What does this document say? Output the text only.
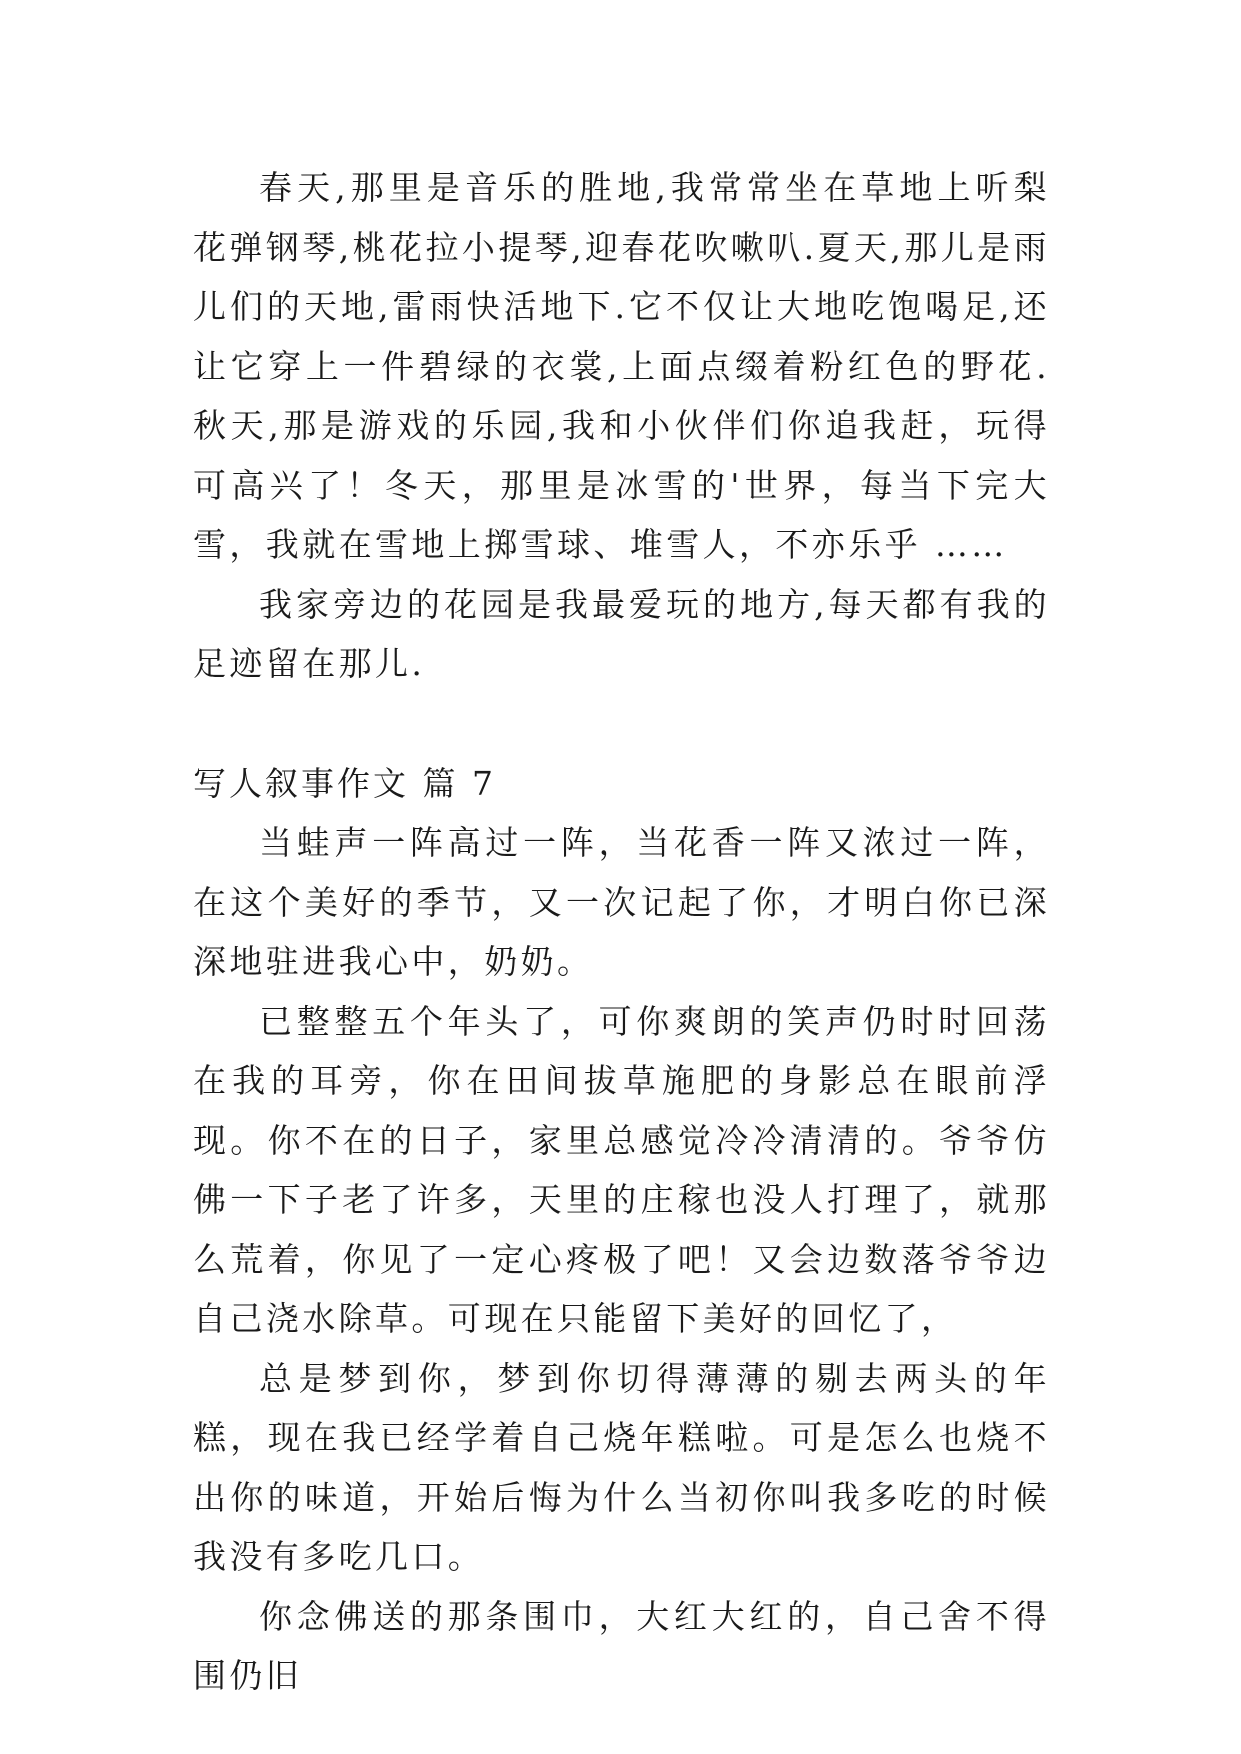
春天,那里是音乐的胜地,我常常坐在草地上听梨花弹钢琴,桃花拉小提琴,迎春花吹嗽叭.夏天,那儿是雨儿们的天地,雷雨快活地下.它不仅让大地吃饱喝足,还让它穿上一件碧绿的衣裳,上面点缀着粉红色的野花.秋天,那是游戏的乐园,我和小伙伴们你追我赶，玩得可高兴了！冬天，那里是冰雪的'世界，每当下完大雪，我就在雪地上掷雪球、堆雪人，不亦乐乎 ……

我家旁边的花园是我最爱玩的地方,每天都有我的足迹留在那儿.

写人叙事作文 篇 7

当蛙声一阵高过一阵，当花香一阵又浓过一阵，在这个美好的季节，又一次记起了你，才明白你已深深地驻进我心中，奶奶。

已整整五个年头了，可你爽朗的笑声仍时时回荡在我的耳旁，你在田间拔草施肥的身影总在眼前浮现。你不在的日子，家里总感觉冷冷清清的。爷爷仿佛一下子老了许多，天里的庄稼也没人打理了，就那么荒着，你见了一定心疼极了吧！又会边数落爷爷边自己浇水除草。可现在只能留下美好的回忆了，

总是梦到你，梦到你切得薄薄的剔去两头的年糕，现在我已经学着自己烧年糕啦。可是怎么也烧不出你的味道，开始后悔为什么当初你叫我多吃的时候我没有多吃几口。

你念佛送的那条围巾，大红大红的，自己舍不得围仍旧
